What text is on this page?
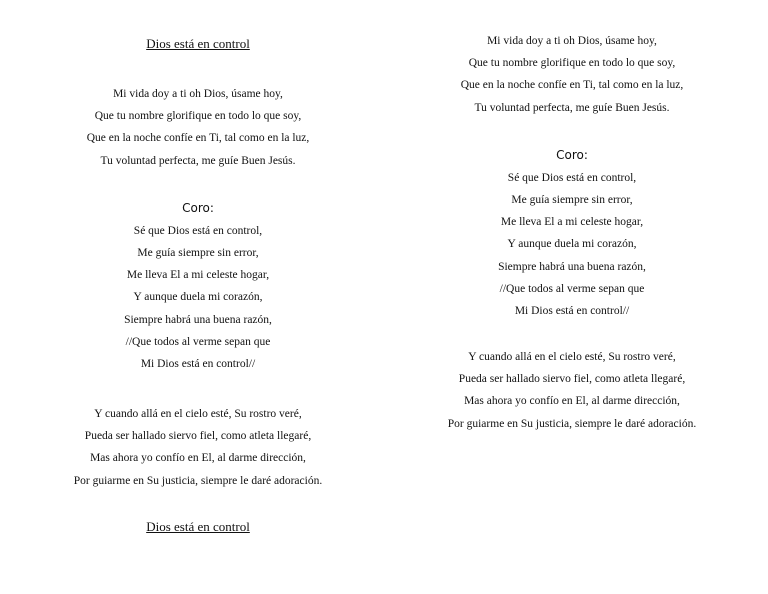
Dios está en control
Mi vida doy a ti oh Dios, úsame hoy,
Que tu nombre glorifique en todo lo que soy,
Que en la noche confíe en Ti, tal como en la luz,
Tu voluntad perfecta, me guíe Buen Jesús.
Coro:
Sé que Dios está en control,
Me guía siempre sin error,
Me lleva El a mi celeste hogar,
Y aunque duela mi corazón,
Siempre habrá una buena razón,
//Que todos al verme sepan que
Mi Dios está en control//
Y cuando allá en el cielo esté, Su rostro veré,
Pueda ser hallado siervo fiel, como atleta llegaré,
Mas ahora yo confío en El, al darme dirección,
Por guiarme en Su justicia, siempre le daré adoración.
Dios está en control
Mi vida doy a ti oh Dios, úsame hoy,
Que tu nombre glorifique en todo lo que soy,
Que en la noche confíe en Ti, tal como en la luz,
Tu voluntad perfecta, me guíe Buen Jesús.
Coro:
Sé que Dios está en control,
Me guía siempre sin error,
Me lleva El a mi celeste hogar,
Y aunque duela mi corazón,
Siempre habrá una buena razón,
//Que todos al verme sepan que
Mi Dios está en control//
Y cuando allá en el cielo esté, Su rostro veré,
Pueda ser hallado siervo fiel, como atleta llegaré,
Mas ahora yo confío en El, al darme dirección,
Por guiarme en Su justicia, siempre le daré adoración.
